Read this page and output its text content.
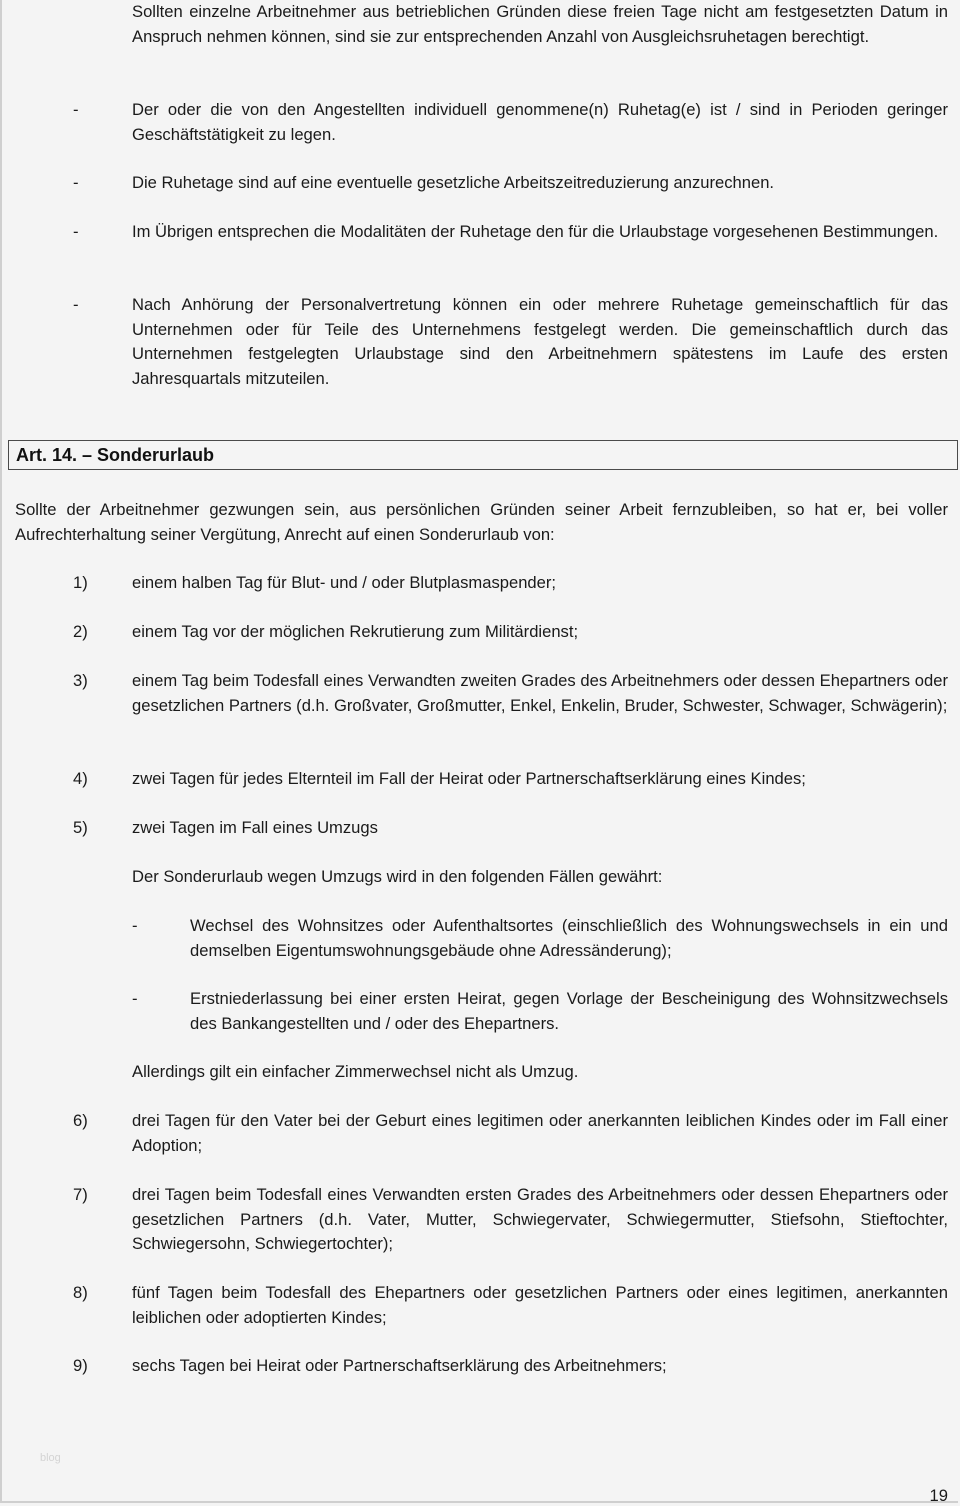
Sollten einzelne Arbeitnehmer aus betrieblichen Gründen diese freien Tage nicht am festgesetzten Datum in Anspruch nehmen können, sind sie zur entsprechenden Anzahl von Ausgleichsruhetagen berechtigt.

-	Der oder die von den Angestellten individuell genommene(n) Ruhetag(e) ist / sind in Perioden geringer Geschäftstätigkeit zu legen.

-	Die Ruhetage sind auf eine eventuelle gesetzliche Arbeitszeitreduzierung anzurechnen.

-	Im Übrigen entsprechen die Modalitäten der Ruhetage den für die Urlaubstage vorgesehenen Bestimmungen.

-	Nach Anhörung der Personalvertretung können ein oder mehrere Ruhetage gemeinschaftlich für das Unternehmen oder für Teile des Unternehmens festgelegt werden. Die gemeinschaftlich durch das Unternehmen festgelegten Urlaubstage sind den Arbeitnehmern spätestens im Laufe des ersten Jahresquartals mitzuteilen.

Art. 14. – Sonderurlaub

Sollte der Arbeitnehmer gezwungen sein, aus persönlichen Gründen seiner Arbeit fernzubleiben, so hat er, bei voller Aufrechterhaltung seiner Vergütung, Anrecht auf einen Sonderurlaub von:

1)	einem halben Tag für Blut- und / oder Blutplasmaspender;

2)	einem Tag vor der möglichen Rekrutierung zum Militärdienst;

3)	einem Tag beim Todesfall eines Verwandten zweiten Grades des Arbeitnehmers oder dessen Ehepartners oder gesetzlichen Partners (d.h. Großvater, Großmutter, Enkel, Enkelin, Bruder, Schwester, Schwager, Schwägerin);

4)	zwei Tagen für jedes Elternteil im Fall der Heirat oder Partnerschaftserklärung eines Kindes;

5)	zwei Tagen im Fall eines Umzugs

Der Sonderurlaub wegen Umzugs wird in den folgenden Fällen gewährt:

-	Wechsel des Wohnsitzes oder Aufenthaltsortes (einschließlich des Wohnungswechsels in ein und demselben Eigentumswohnungsgebäude ohne Adressänderung);

-	Erstniederlassung bei einer ersten Heirat, gegen Vorlage der Bescheinigung des Wohnsitzwechsels des Bankangestellten und / oder des Ehepartners.

Allerdings gilt ein einfacher Zimmerwechsel nicht als Umzug.

6)	drei Tagen für den Vater bei der Geburt eines legitimen oder anerkannten leiblichen Kindes oder im Fall einer Adoption;

7)	drei Tagen beim Todesfall eines Verwandten ersten Grades des Arbeitnehmers oder dessen Ehepartners oder gesetzlichen Partners (d.h. Vater, Mutter, Schwiegervater, Schwiegermutter, Stiefsohn, Stieftochter, Schwiegersohn, Schwiegertochter);

8)	fünf Tagen beim Todesfall des Ehepartners oder gesetzlichen Partners oder eines legitimen, anerkannten leiblichen oder adoptierten Kindes;

9)	sechs Tagen bei Heirat oder Partnerschaftserklärung des Arbeitnehmers;

blog
19
